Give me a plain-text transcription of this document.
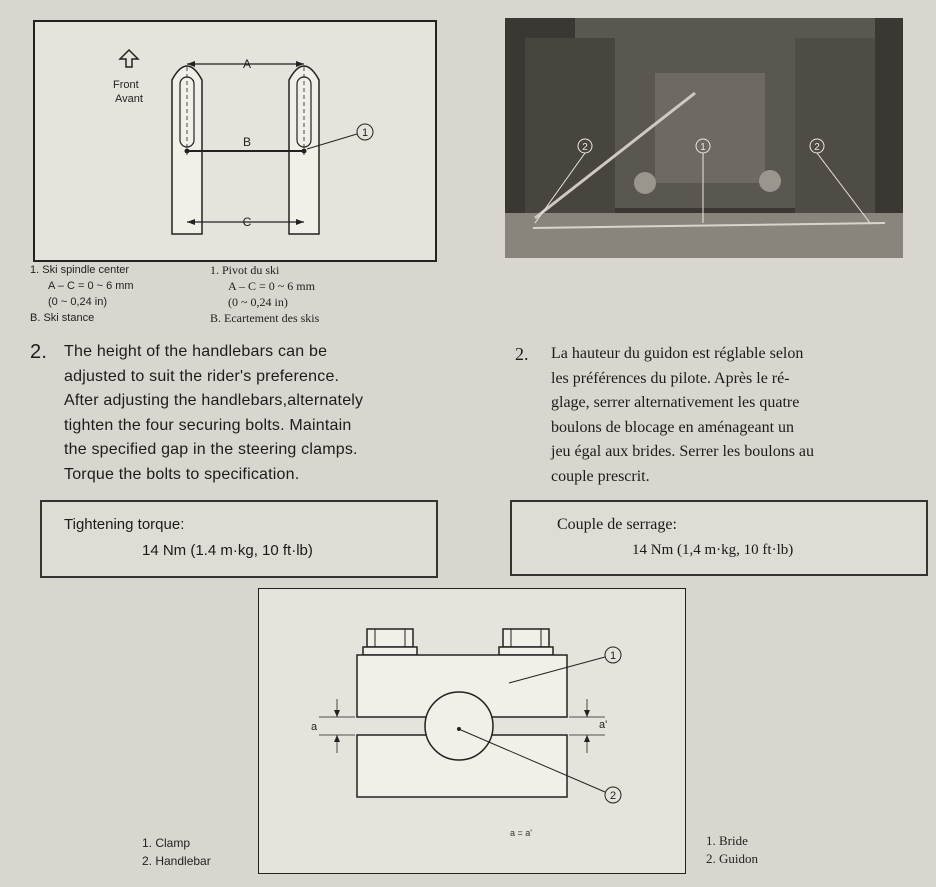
Front
Avant
A
B
C
1
1. Ski spindle center
A – C = 0 ~ 6 mm
(0 ~ 0,24 in)
B. Ski stance
1. Pivot du ski
A – C = 0 ~ 6 mm
(0 ~ 0,24 in)
B. Ecartement des skis
1
2	2
2. The height of the handlebars can be
adjusted to suit the rider's preference.
After adjusting the handlebars,alternately
tighten the four securing bolts. Maintain
the specified gap in the steering clamps.
Torque the bolts to specification.
2. La hauteur du guidon est réglable selon
les préférences du pilote. Après le ré-
glage, serrer alternativement les quatre
boulons de blocage en aménageant un
jeu égal aux brides. Serrer les boulons au
couple prescrit.
Tightening torque:
14 Nm (1.4 m·kg, 10 ft·lb)
Couple de serrage:
14 Nm (1,4 m·kg, 10 ft·lb)
a	a'
1
2
a = a'
1. Clamp
2. Handlebar
1. Bride
2. Guidon
